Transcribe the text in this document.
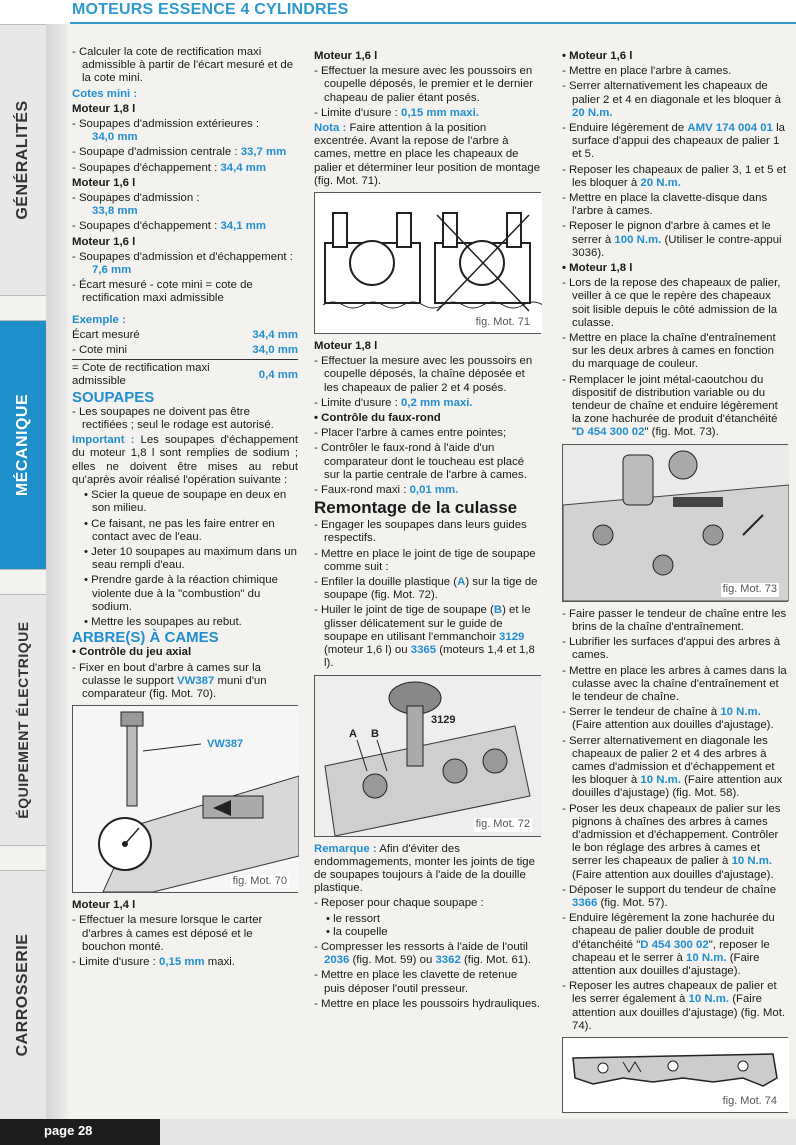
MOTEURS ESSENCE 4 CYLINDRES
GÉNÉRALITÉS
MÉCANIQUE
ÉQUIPEMENT ÉLECTRIQUE
CARROSSERIE

- Calculer la cote de rectification maxi admissible à partir de l'écart mesuré et de la cote mini.

Cotes mini :

Moteur 1,8 l

- Soupapes d'admission extérieures :
34,0 mm

- Soupape d'admission centrale : 33,7 mm

- Soupapes d'échappement : 34,4 mm

Moteur 1,6 l

- Soupapes d'admission :
33,8 mm

- Soupapes d'échappement : 34,1 mm

Moteur 1,6 l

- Soupapes d'admission et d'échappement :
7,6 mm

- Écart mesuré - cote mini = cote de rectification maxi admissible

Exemple :

Écart mesuré	34,4 mm
- Cote mini	34,0 mm
= Cote de rectification maxi admissible
0,4 mm

SOUPAPES

- Les soupapes ne doivent pas être rectifiées ; seul le rodage est autorisé.

Important : Les soupapes d'échappement du moteur 1,8 l sont remplies de sodium ; elles ne doivent être mises au rebut qu'après avoir réalisé l'opération suivante :

• Scier la queue de soupape en deux en son milieu.

• Ce faisant, ne pas les faire entrer en contact avec de l'eau.

• Jeter 10 soupapes au maximum dans un seau rempli d'eau.

• Prendre garde à la réaction chimique violente due à la "combustion" du sodium.

• Mettre les soupapes au rebut.

ARBRE(S) À CAMES

• Contrôle du jeu axial

- Fixer en bout d'arbre à cames sur la culasse le support VW387 muni d'un comparateur (fig. Mot. 70).

VW387
fig. Mot. 70

Moteur 1,4 l

- Effectuer la mesure lorsque le carter d'arbres à cames est déposé et le bouchon monté.

- Limite d'usure : 0,15 mm maxi.

Moteur 1,6 l

- Effectuer la mesure avec les poussoirs en coupelle déposés, le premier et le dernier chapeau de palier étant posés.

- Limite d'usure : 0,15 mm maxi.

Nota : Faire attention à la position excentrée. Avant la repose de l'arbre à cames, mettre en place les chapeaux de palier et déterminer leur position de montage (fig. Mot. 71).

fig. Mot. 71

Moteur 1,8 l

- Effectuer la mesure avec les poussoirs en coupelle déposés, la chaîne déposée et les chapeaux de palier 2 et 4 posés.

- Limite d'usure : 0,2 mm maxi.

• Contrôle du faux-rond

- Placer l'arbre à cames entre pointes;

- Contrôler le faux-rond à l'aide d'un comparateur dont le toucheau est placé sur la partie centrale de l'arbre à cames.

- Faux-rond maxi : 0,01 mm.

Remontage de la culasse

- Engager les soupapes dans leurs guides respectifs.

- Mettre en place le joint de tige de soupape comme suit :

- Enfiler la douille plastique (A) sur la tige de soupape (fig. Mot. 72).

- Huiler le joint de tige de soupape (B) et le glisser délicatement sur le guide de soupape en utilisant l'emmanchoir 3129 (moteur 1,6 l) ou 3365 (moteurs 1,4 et 1,8 l).

3129
A B
fig. Mot. 72

Remarque : Afin d'éviter des endommagements, monter les joints de tige de soupapes toujours à l'aide de la douille plastique.

- Reposer pour chaque soupape :

• le ressort

• la coupelle

- Compresser les ressorts à l'aide de l'outil 2036 (fig. Mot. 59) ou 3362 (fig. Mot. 61).

- Mettre en place les clavette de retenue puis déposer l'outil presseur.

- Mettre en place les poussoirs hydrauliques.

• Moteur 1,6 l

- Mettre en place l'arbre à cames.

- Serrer alternativement les chapeaux de palier 2 et 4 en diagonale et les bloquer à 20 N.m.

- Enduire légèrement de AMV 174 004 01 la surface d'appui des chapeaux de palier 1 et 5.

- Reposer les chapeaux de palier 3, 1 et 5 et les bloquer à 20 N.m.

- Mettre en place la clavette-disque dans l'arbre à cames.

- Reposer le pignon d'arbre à cames et le serrer à 100 N.m. (Utiliser le contre-appui 3036).

• Moteur 1,8 l

- Lors de la repose des chapeaux de palier, veiller à ce que le repère des chapeaux soit lisible depuis le côté admission de la culasse.

- Mettre en place la chaîne d'entraînement sur les deux arbres à cames en fonction du marquage de couleur.

- Remplacer le joint métal-caoutchou du dispositif de distribution variable ou du tendeur de chaîne et enduire légèrement la zone hachurée de produit d'étanchéité "D 454 300 02" (fig. Mot. 73).

fig. Mot. 73

- Faire passer le tendeur de chaîne entre les brins de la chaîne d'entraînement.

- Lubrifier les surfaces d'appui des arbres à cames.

- Mettre en place les arbres à cames dans la culasse avec la chaîne d'entraînement et le tendeur de chaîne.

- Serrer le tendeur de chaîne à 10 N.m. (Faire attention aux douilles d'ajustage).

- Serrer alternativement en diagonale les chapeaux de palier 2 et 4 des arbres à cames d'admission et d'échappement et les bloquer à 10 N.m. (Faire attention aux douilles d'ajustage) (fig. Mot. 58).

- Poser les deux chapeaux de palier sur les pignons à chaînes des arbres à cames d'admission et d'échappement. Contrôler le bon réglage des arbres à cames et serrer les chapeaux de palier à 10 N.m. (Faire attention aux douilles d'ajustage).

- Déposer le support du tendeur de chaîne 3366 (fig. Mot. 57).

- Enduire légèrement la zone hachurée du chapeau de palier double de produit d'étanchéité "D 454 300 02", reposer le chapeau et le serrer à 10 N.m. (Faire attention aux douilles d'ajustage).

- Reposer les autres chapeaux de palier et les serrer également à 10 N.m. (Faire attention aux douilles d'ajustage) (fig. Mot. 74).

fig. Mot. 74
page 28
